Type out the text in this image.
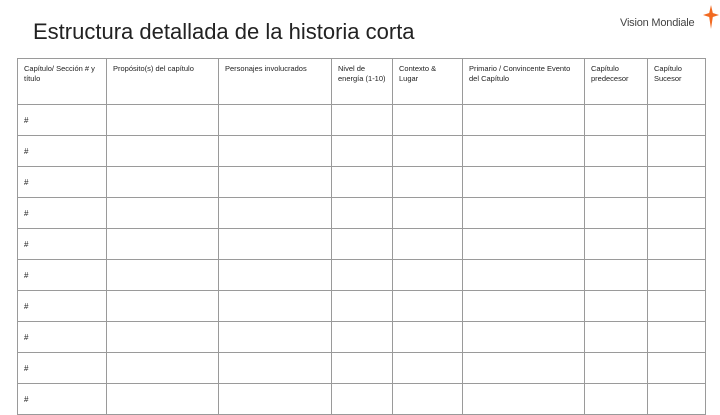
Estructura detallada de la historia corta	Vision Mondiale
Capítulo/ Sección # y título	Propósito(s) del capítulo	Personajes involucrados	Nivel de energía (1-10)	Contexto & Lugar	Primario / Convincente Evento del Capítulo	Capítulo predecesor	Capítulo Sucesor
#							
#							
#							
#							
#							
#							
#							
#							
#							
#							
